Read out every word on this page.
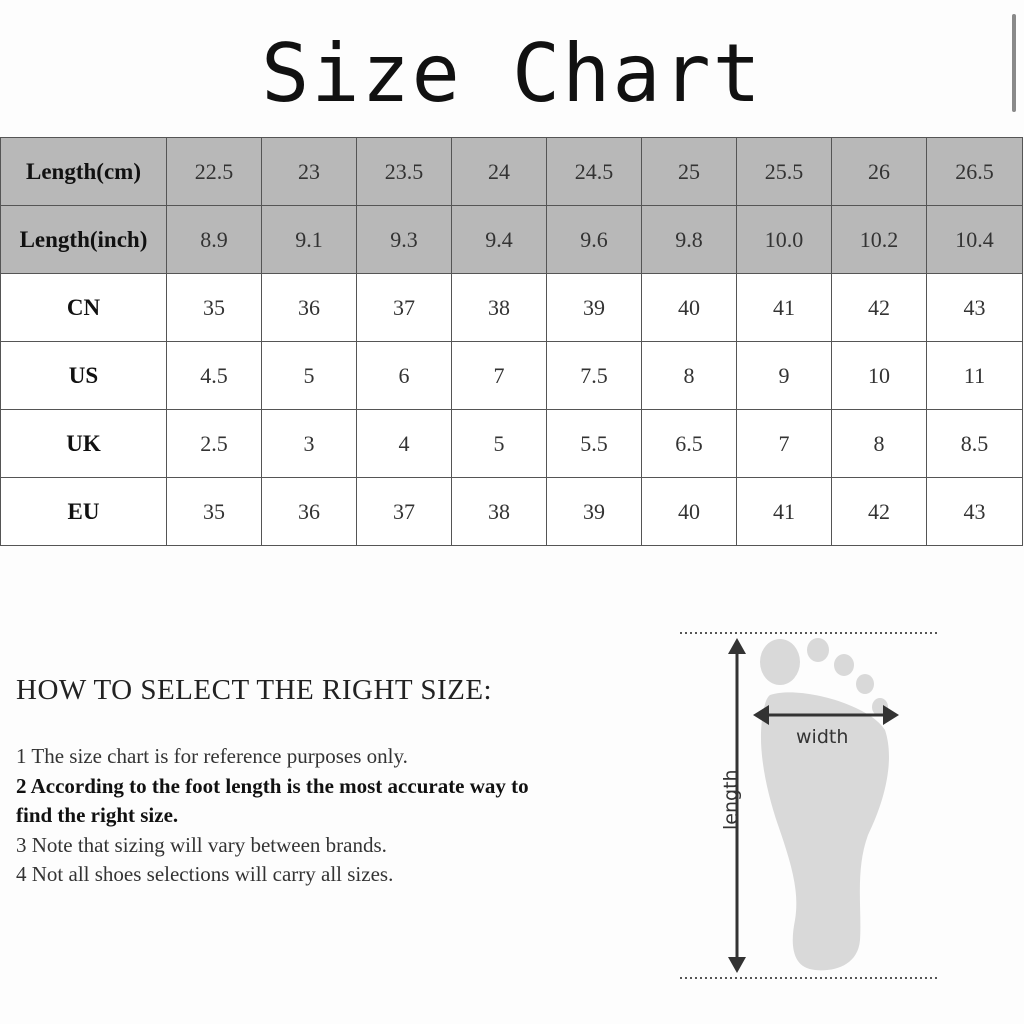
Size Chart
Length(cm)	22.5	23	23.5	24	24.5	25	25.5	26	26.5
Length(inch)	8.9	9.1	9.3	9.4	9.6	9.8	10.0	10.2	10.4
CN	35	36	37	38	39	40	41	42	43
US	4.5	5	6	7	7.5	8	9	10	11
UK	2.5	3	4	5	5.5	6.5	7	8	8.5
EU	35	36	37	38	39	40	41	42	43
HOW TO SELECT THE RIGHT SIZE:
1 The size chart is for reference purposes only.
2 According to the foot length is the most accurate way to find the right size.
3 Note that sizing will vary between brands.
4 Not all shoes selections will carry all sizes.
width
length
